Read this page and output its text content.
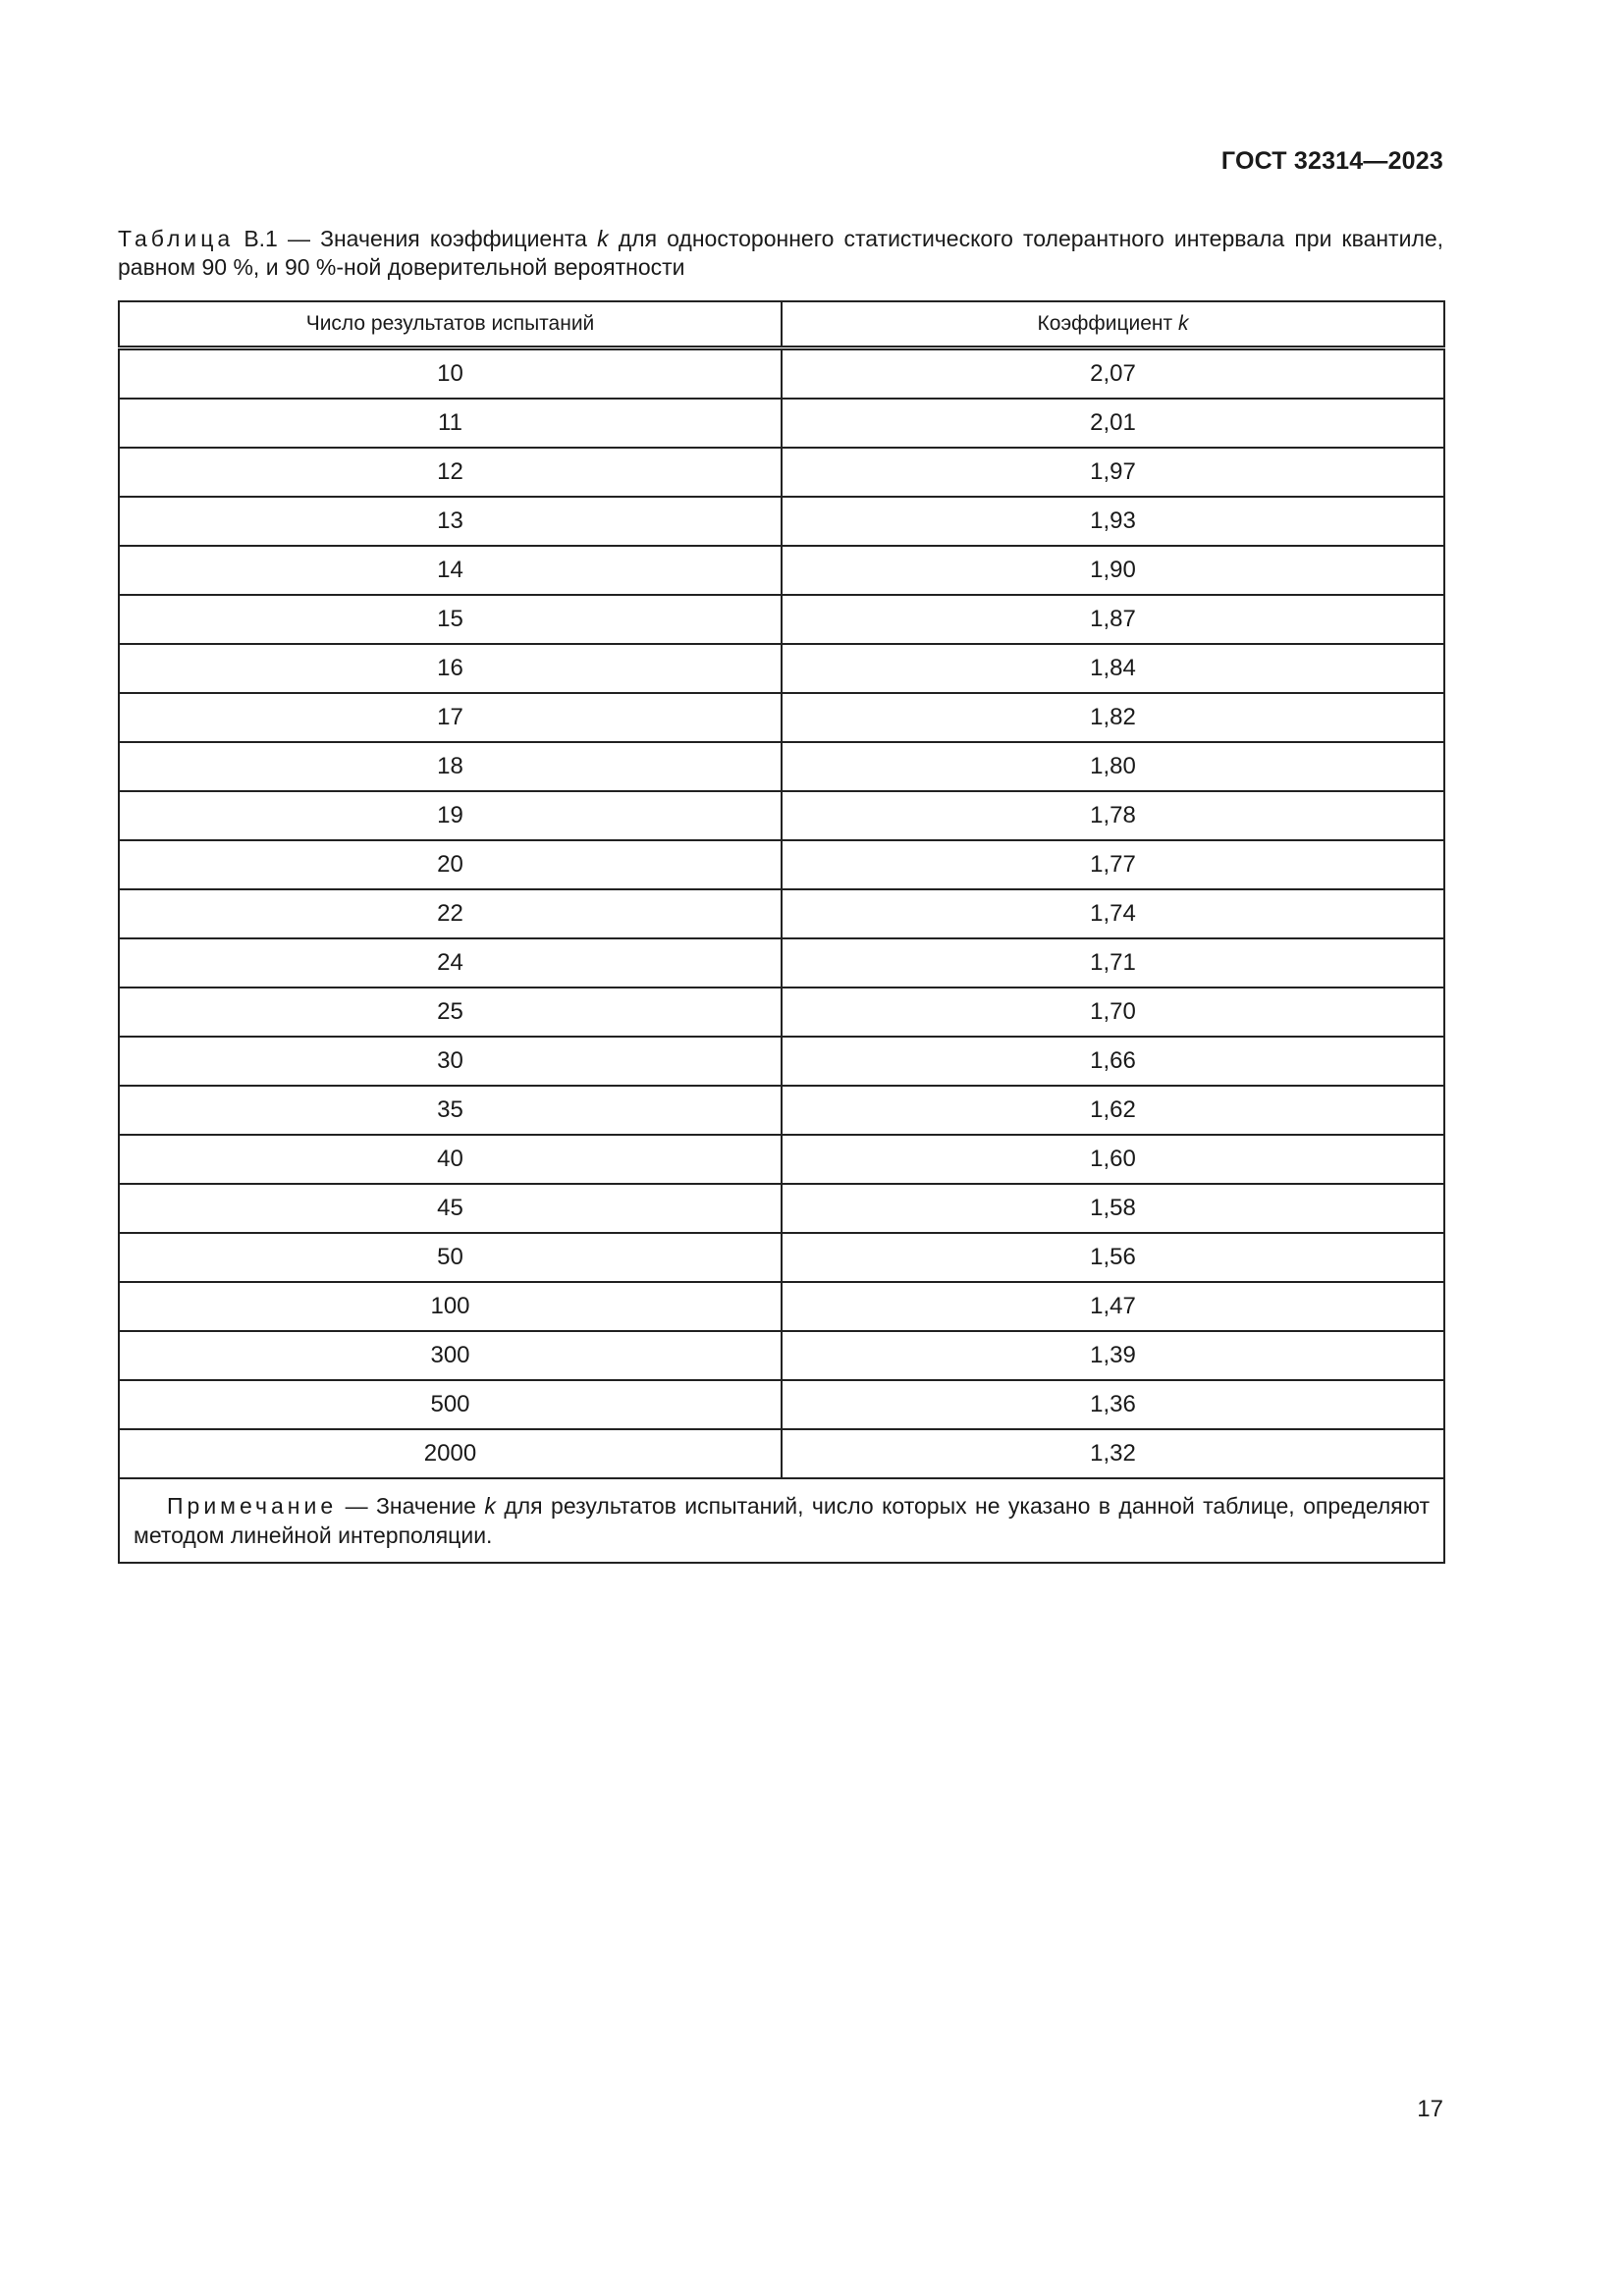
ГОСТ 32314—2023
Таблица В.1 — Значения коэффициента k для одностороннего статистического толерантного интервала при квантиле, равном 90 %, и 90 %-ной доверительной вероятности
Число результатов испытаний	Коэффициент k
10	2,07
11	2,01
12	1,97
13	1,93
14	1,90
15	1,87
16	1,84
17	1,82
18	1,80
19	1,78
20	1,77
22	1,74
24	1,71
25	1,70
30	1,66
35	1,62
40	1,60
45	1,58
50	1,56
100	1,47
300	1,39
500	1,36
2000	1,32
Примечание — Значение k для результатов испытаний, число которых не указано в данной таблице, определяют методом линейной интерполяции.	
17
